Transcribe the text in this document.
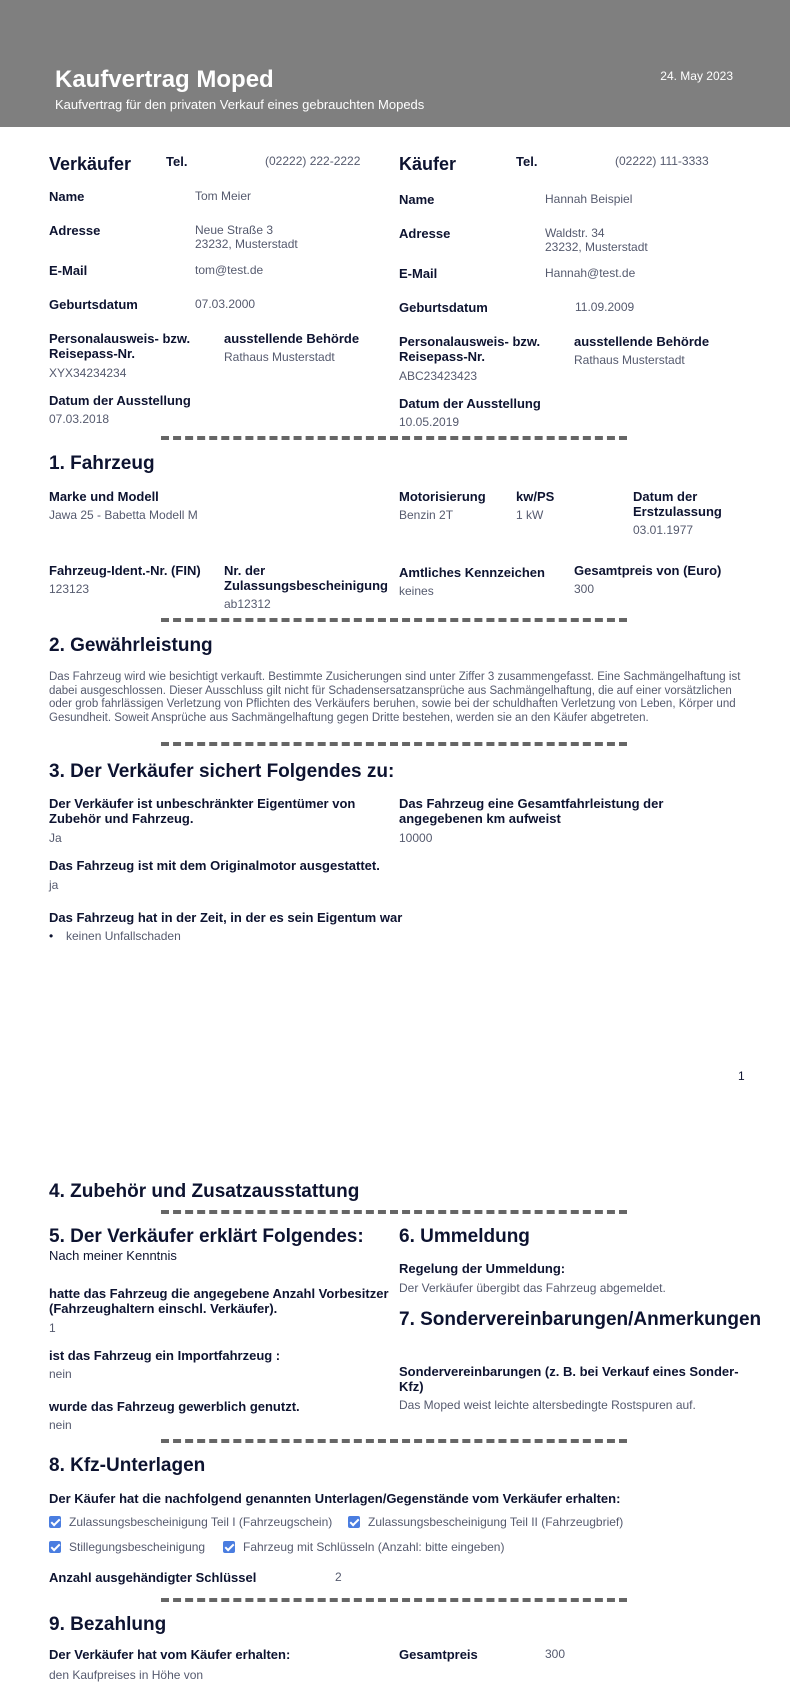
Kaufvertrag Moped
Kaufvertrag für den privaten Verkauf eines gebrauchten Mopeds
24. May 2023
Verkäufer	Tel.	(02222) 222-2222
Name	Tom Meier
Adresse	Neue Straße 3
23232, Musterstadt
E-Mail	tom@test.de
Geburtsdatum	07.03.2000
Personalausweis- bzw. Reisepass-Nr.
XYX34234234
ausstellende Behörde
Rathaus Musterstadt
Datum der Ausstellung
07.03.2018
Käufer	Tel.	(02222) 111-3333
Name	Hannah Beispiel
Adresse	Waldstr. 34
23232, Musterstadt
E-Mail	Hannah@test.de
Geburtsdatum	11.09.2009
Personalausweis- bzw. Reisepass-Nr.
ABC23423423
ausstellende Behörde
Rathaus Musterstadt
Datum der Ausstellung
10.05.2019
1. Fahrzeug
Marke und Modell
Jawa 25 - Babetta Modell M
Motorisierung
Benzin 2T
kw/PS
1 kW
Datum der Erstzulassung
03.01.1977
Fahrzeug-Ident.-Nr. (FIN)
123123
Nr. der Zulassungsbescheinigung
ab12312
Amtliches Kennzeichen
keines
Gesamtpreis von (Euro)
300
2. Gewährleistung
Das Fahrzeug wird wie besichtigt verkauft. Bestimmte Zusicherungen sind unter Ziffer 3 zusammengefasst. Eine Sachmängelhaftung ist dabei ausgeschlossen. Dieser Ausschluss gilt nicht für Schadensersatzansprüche aus Sachmängelhaftung, die auf einer vorsätzlichen oder grob fahrlässigen Verletzung von Pflichten des Verkäufers beruhen, sowie bei der schuldhaften Verletzung von Leben, Körper und Gesundheit. Soweit Ansprüche aus Sachmängelhaftung gegen Dritte bestehen, werden sie an den Käufer abgetreten.
3. Der Verkäufer sichert Folgendes zu:
Der Verkäufer ist unbeschränkter Eigentümer von Zubehör und Fahrzeug.
Ja
Das Fahrzeug eine Gesamtfahrleistung der angegebenen km aufweist
10000
Das Fahrzeug ist mit dem Originalmotor ausgestattet.
ja
Das Fahrzeug hat in der Zeit, in der es sein Eigentum war
• keinen Unfallschaden
1
4. Zubehör und Zusatzausstattung
5. Der Verkäufer erklärt Folgendes:
Nach meiner Kenntnis
hatte das Fahrzeug die angegebene Anzahl Vorbesitzer (Fahrzeughaltern einschl. Verkäufer).
1
ist das Fahrzeug ein Importfahrzeug :
nein
wurde das Fahrzeug gewerblich genutzt.
nein
6. Ummeldung
Regelung der Ummeldung:
Der Verkäufer übergibt das Fahrzeug abgemeldet.
7. Sondervereinbarungen/Anmerkungen
Sondervereinbarungen (z. B. bei Verkauf eines Sonder-Kfz)
Das Moped weist leichte altersbedingte Rostspuren auf.
8. Kfz-Unterlagen
Der Käufer hat die nachfolgend genannten Unterlagen/Gegenstände vom Verkäufer erhalten:
Zulassungsbescheinigung Teil I (Fahrzeugschein)	Zulassungsbescheinigung Teil II (Fahrzeugbrief)
Stillegungsbescheinigung	Fahrzeug mit Schlüsseln (Anzahl: bitte eingeben)
Anzahl ausgehändigter Schlüssel	2
9. Bezahlung
Der Verkäufer hat vom Käufer erhalten:
den Kaufpreises in Höhe von
Gesamtpreis	300
